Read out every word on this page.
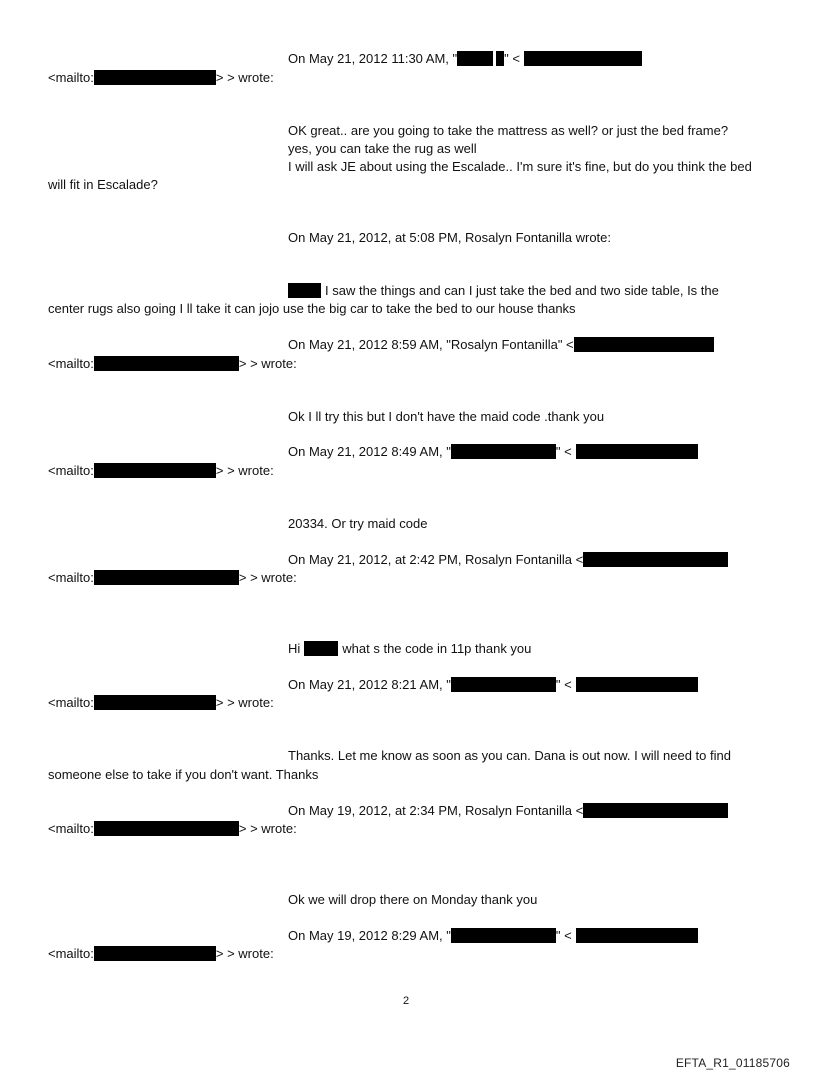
On May 21, 2012 11:30 AM, "	" <
<mailto:	> > wrote:
OK great.. are you going to take the mattress as well? or just the bed frame?
yes, you can take the rug as well
I will ask JE about using the Escalade.. I'm sure it's fine, but do you think the bed
will fit in Escalade?
On May 21, 2012, at 5:08 PM, Rosalyn Fontanilla wrote:
I saw the things and can I just take the bed and two side table, Is the
center rugs also going I ll take it can jojo use the big car to take the bed to our house thanks
On May 21, 2012 8:59 AM, "Rosalyn Fontanilla" <
<mailto:	> > wrote:
Ok I ll try this but I don't have the maid code .thank you
On May 21, 2012 8:49 AM, "	" <
<mailto:	> > wrote:
20334. Or try maid code
On May 21, 2012, at 2:42 PM, Rosalyn Fontanilla <
<mailto:	> > wrote:
Hi	what s the code in 11p thank you
On May 21, 2012 8:21 AM, "	" <
<mailto:	> > wrote:
Thanks. Let me know as soon as you can. Dana is out now. I will need to find
someone else to take if you don't want. Thanks
On May 19, 2012, at 2:34 PM, Rosalyn Fontanilla <
<mailto:	> > wrote:
Ok we will drop there on Monday thank you
On May 19, 2012 8:29 AM, "	" <
<mailto:	> > wrote:
2
EFTA_R1_01185706
